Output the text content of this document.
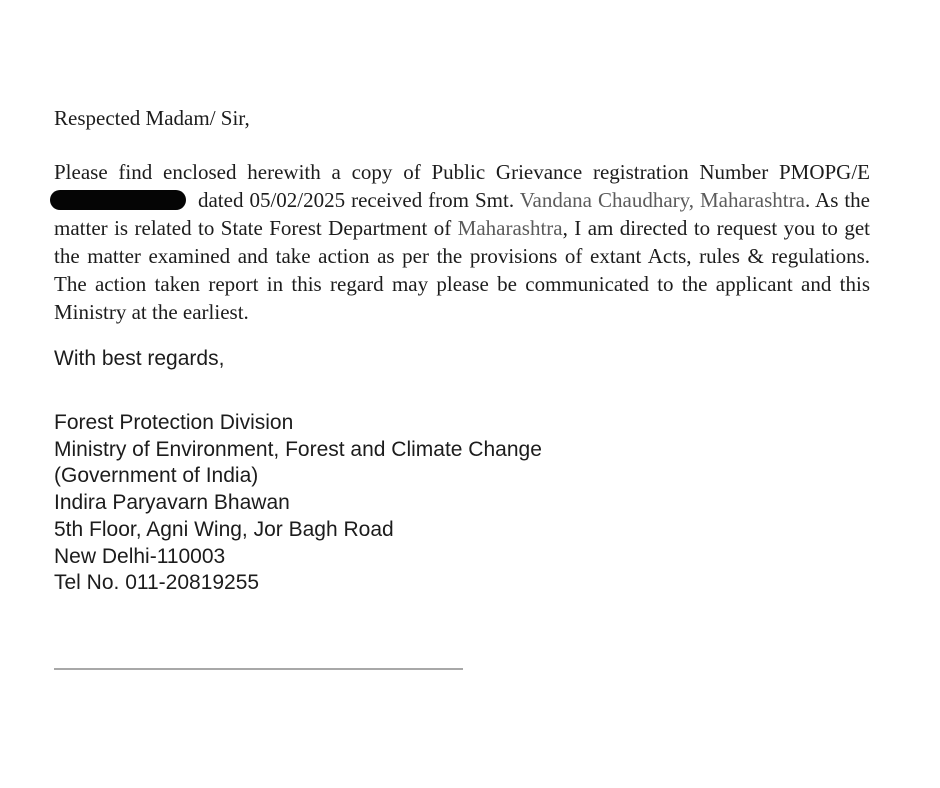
Respected Madam/ Sir,

Please find enclosed herewith a copy of Public Grievance registration Number PMOPG/E dated 05/02/2025 received from Smt. Vandana Chaudhary, Maharashtra. As the matter is related to State Forest Department of Maharashtra, I am directed to request you to get the matter examined and take action as per the provisions of extant Acts, rules & regulations. The action taken report in this regard may please be communicated to the applicant and this Ministry at the earliest.

With best regards,

Forest Protection Division
Ministry of Environment, Forest and Climate Change
(Government of India)
Indira Paryavarn Bhawan
5th Floor, Agni Wing, Jor Bagh Road
New Delhi-110003
Tel No. 011-20819255
